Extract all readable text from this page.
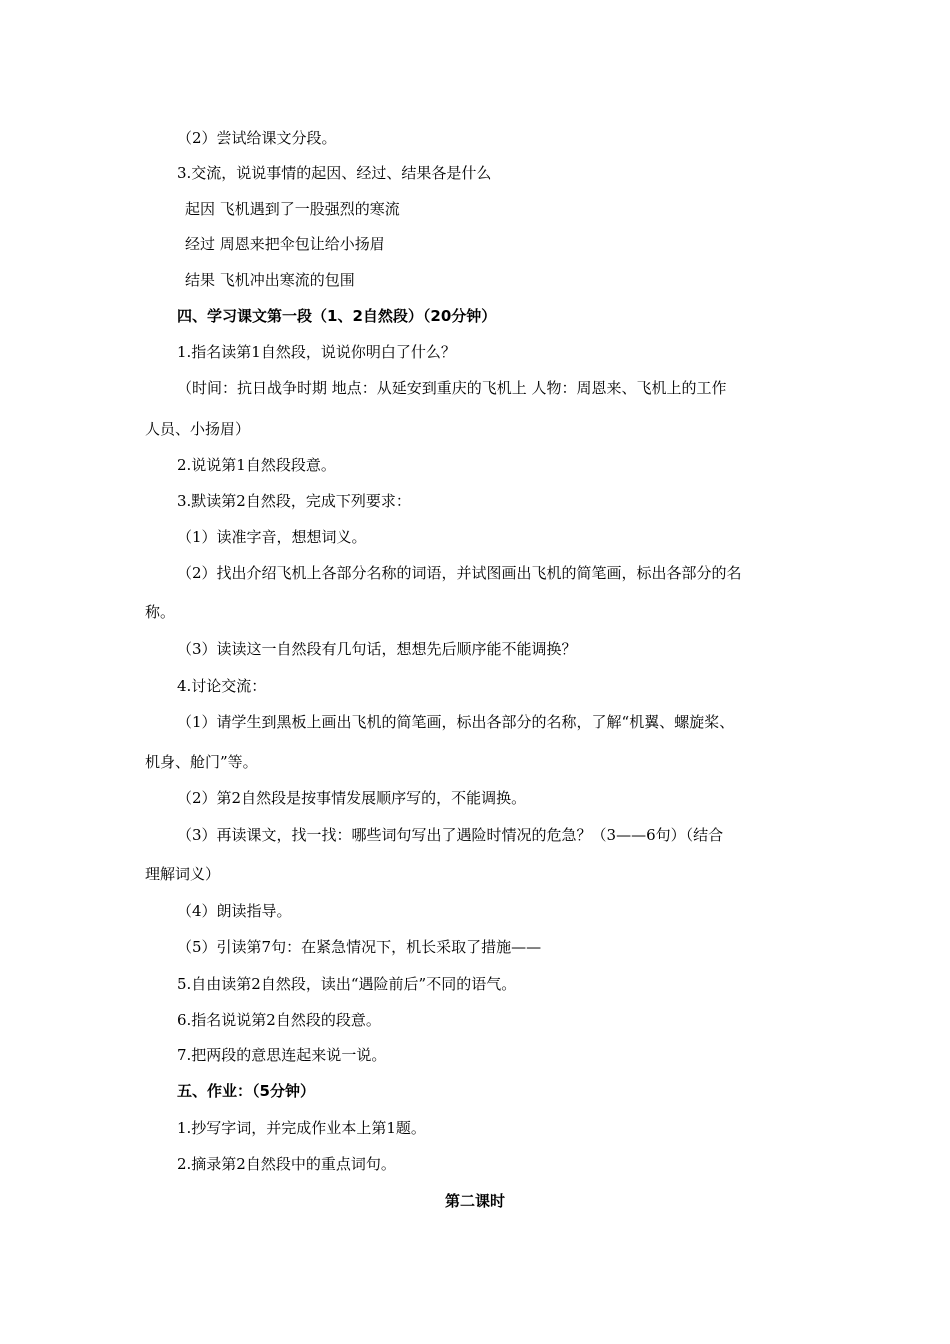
（2）尝试给课文分段。
3.交流，说说事情的起因、经过、结果各是什么
起因 飞机遇到了一股强烈的寒流
经过 周恩来把伞包让给小扬眉
结果 飞机冲出寒流的包围
四、学习课文第一段（1、2自然段）（20分钟）
1.指名读第1自然段，说说你明白了什么？
（时间：抗日战争时期 地点：从延安到重庆的飞机上 人物：周恩来、飞机上的工作
人员、小扬眉）
2.说说第1自然段段意。
3.默读第2自然段，完成下列要求：
（1）读准字音，想想词义。
（2）找出介绍飞机上各部分名称的词语，并试图画出飞机的简笔画，标出各部分的名
称。
（3）读读这一自然段有几句话，想想先后顺序能不能调换？
4.讨论交流：
（1）请学生到黑板上画出飞机的简笔画，标出各部分的名称，了解“机翼、螺旋桨、
机身、舱门”等。
（2）第2自然段是按事情发展顺序写的，不能调换。
（3）再读课文，找一找：哪些词句写出了遇险时情况的危急？（3——6句）（结合
理解词义）
（4）朗读指导。
（5）引读第7句：在紧急情况下，机长采取了措施——
5.自由读第2自然段，读出“遇险前后”不同的语气。
6.指名说说第2自然段的段意。
7.把两段的意思连起来说一说。
五、作业：（5分钟）
1.抄写字词，并完成作业本上第1题。
2.摘录第2自然段中的重点词句。
第二课时
